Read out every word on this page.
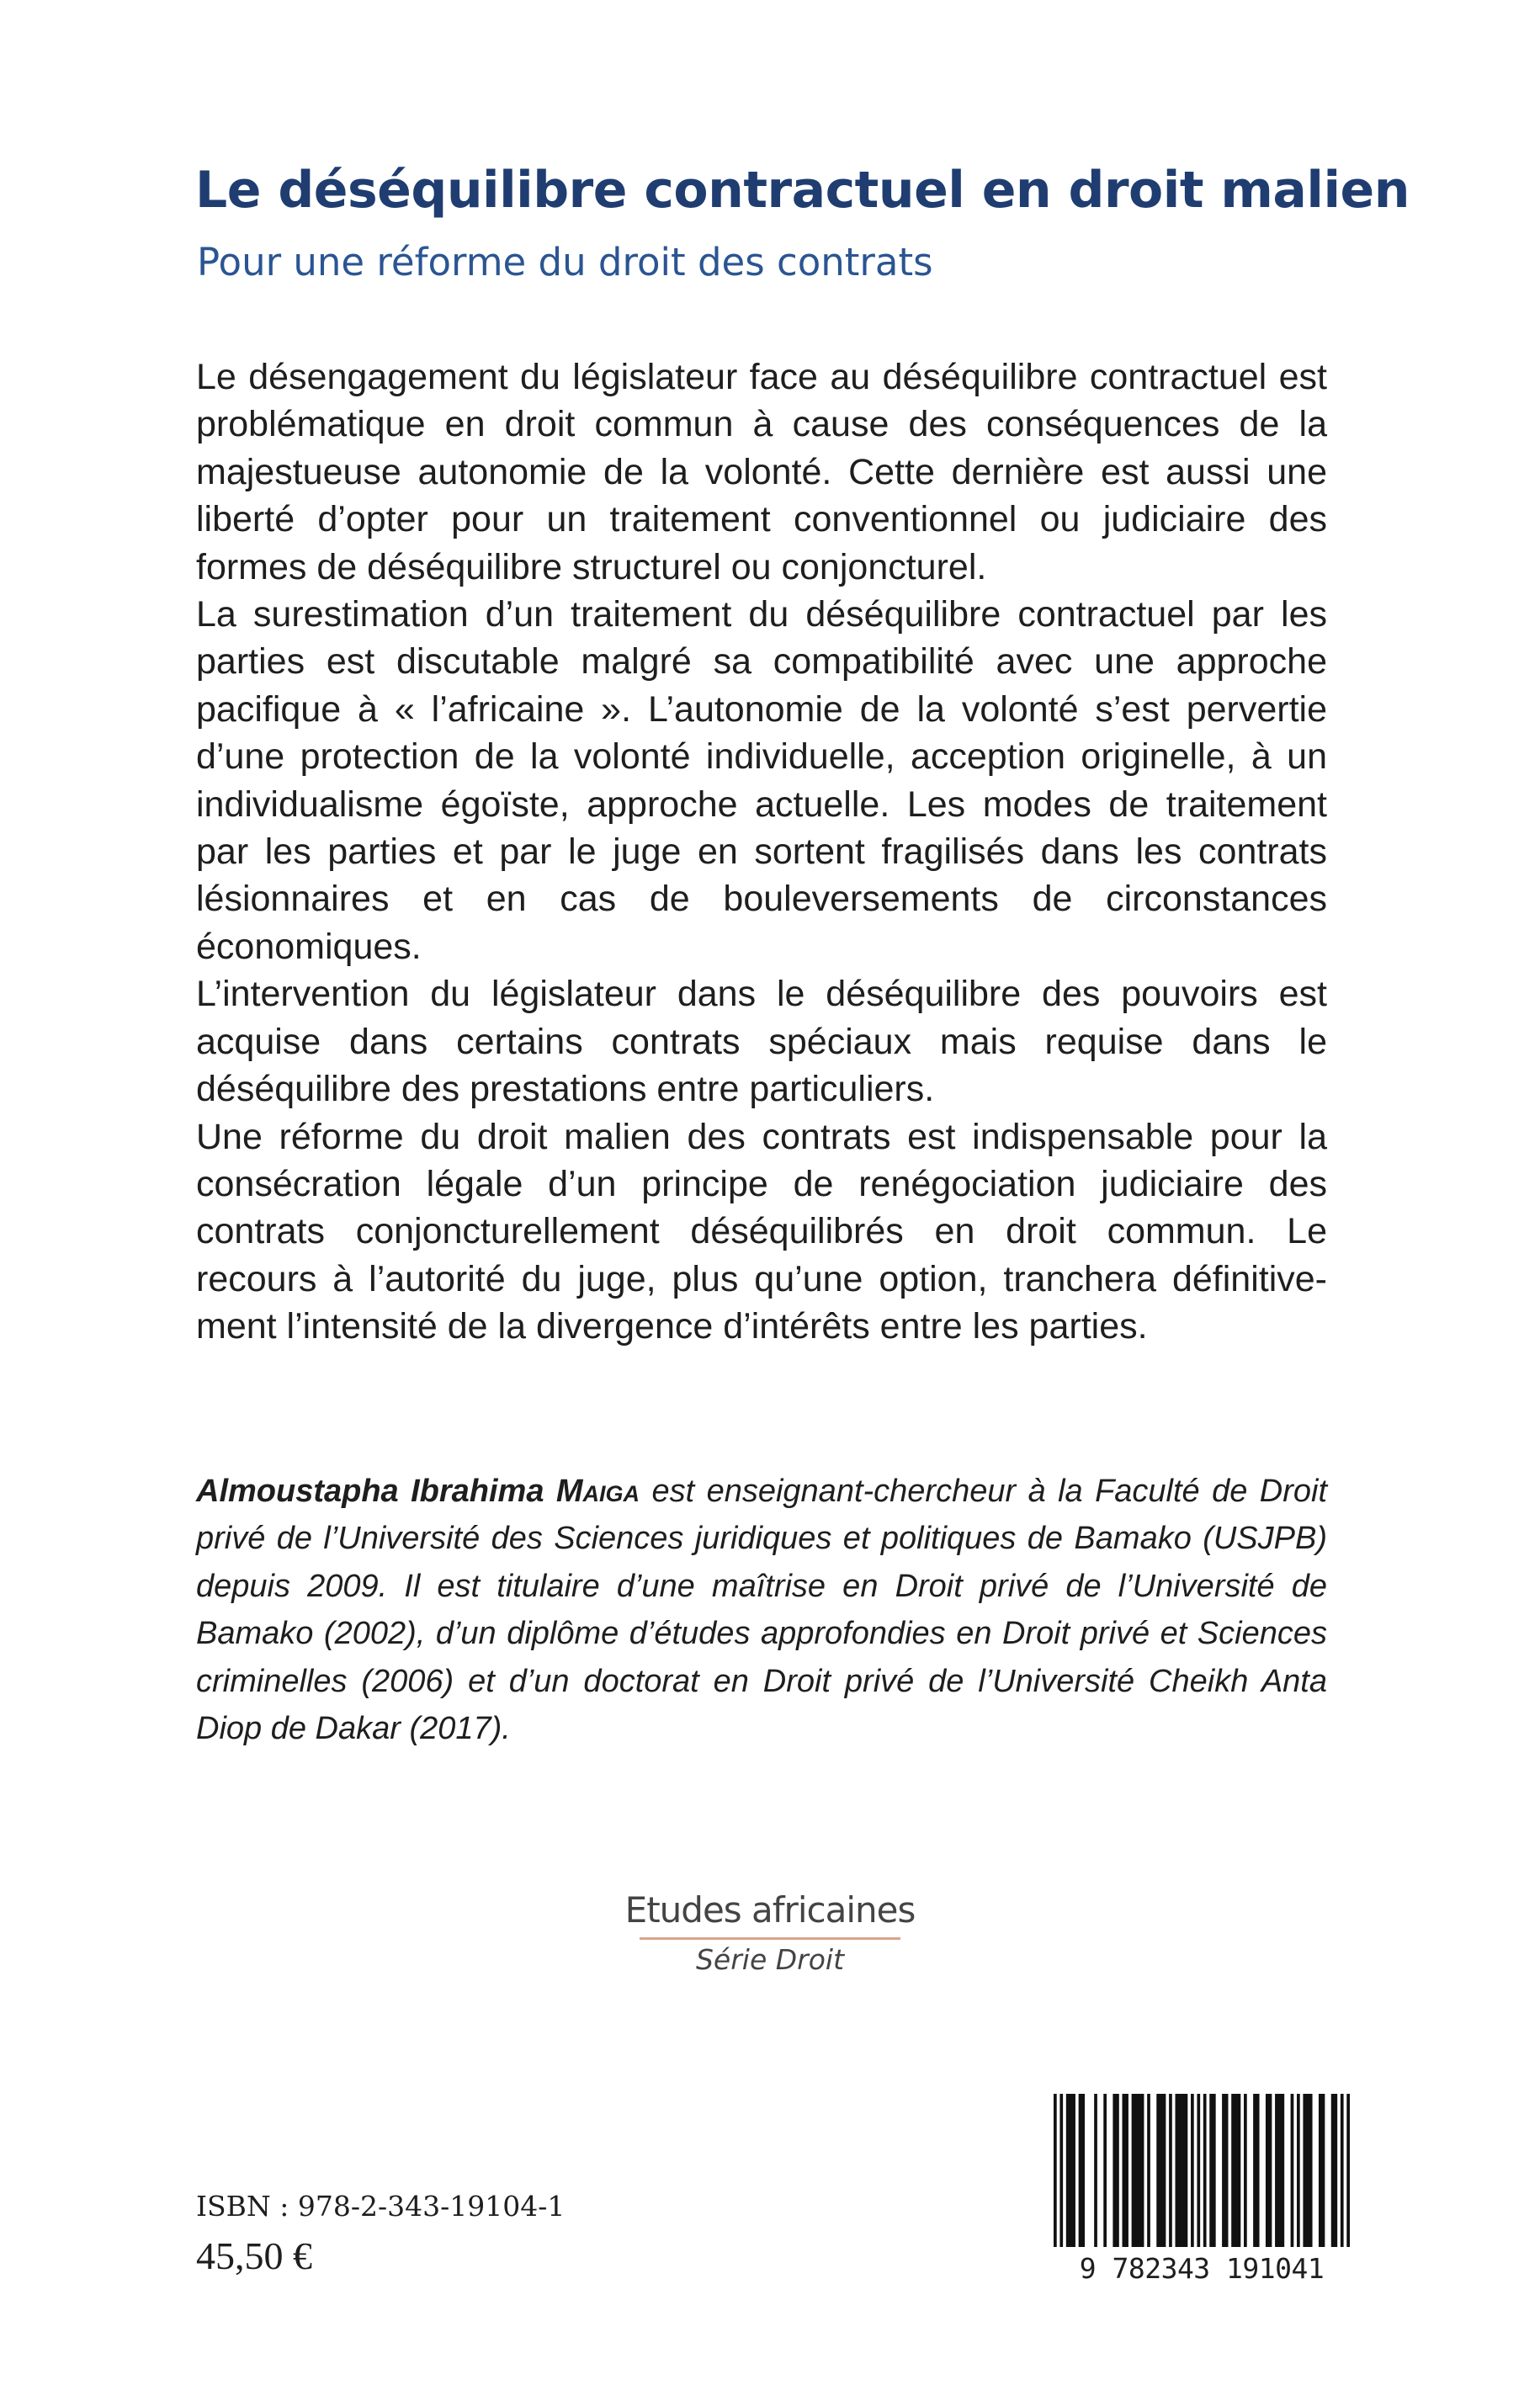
Le déséquilibre contractuel en droit malien
Pour une réforme du droit des contrats

Le désengagement du législateur face au déséquilibre contractuel est problématique en droit commun à cause des conséquences de la majestueuse autonomie de la volonté. Cette dernière est aussi une liberté d’opter pour un traitement conventionnel ou judiciaire des formes de déséquilibre structurel ou conjoncturel.

La surestimation d’un traitement du déséquilibre contractuel par les parties est discutable malgré sa compatibilité avec une approche pacifique à « l’africaine ». L’autonomie de la volonté s’est pervertie d’une protection de la volonté individuelle, acception originelle, à un individualisme égoïste, approche actuelle. Les modes de traitement par les parties et par le juge en sortent fragilisés dans les contrats lésionnaires et en cas de bouleversements de circonstances économiques.

L’intervention du législateur dans le déséquilibre des pouvoirs est acquise dans certains contrats spéciaux mais requise dans le déséquilibre des prestations entre particuliers.

Une réforme du droit malien des contrats est indispensable pour la consécration légale d’un principe de renégociation judiciaire des contrats conjoncturellement déséquilibrés en droit commun. Le recours à l’autorité du juge, plus qu’une option, tranchera définitivement l’intensité de la divergence d’intérêts entre les parties.

Almoustapha Ibrahima Maiga est enseignant-chercheur à la Faculté de Droit privé de l’Université des Sciences juridiques et politiques de Bamako (USJPB) depuis 2009. Il est titulaire d’une maîtrise en Droit privé de l’Université de Bamako (2002), d’un diplôme d’études approfondies en Droit privé et Sciences criminelles (2006) et d’un doctorat en Droit privé de l’Université Cheikh Anta Diop de Dakar (2017).

Etudes africaines
Série Droit
ISBN : 978-2-343-19104-1
45,50 €	9 782343 191041
